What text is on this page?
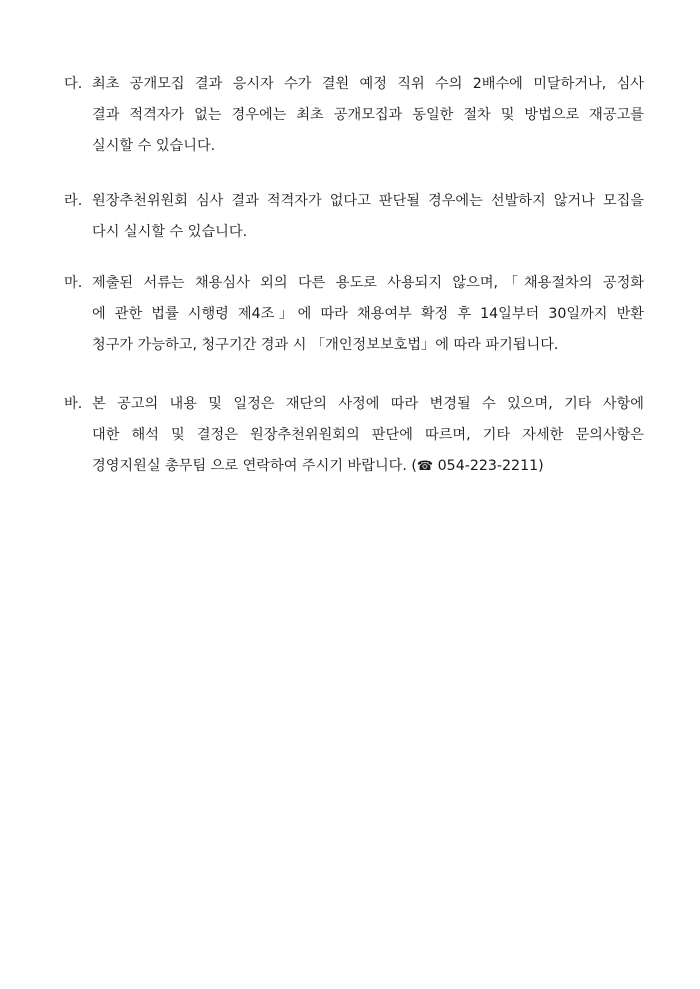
다. 최초 공개모집 결과 응시자 수가 결원 예정 직위 수의 2배수에 미달하거나, 심사
결과 적격자가 없는 경우에는 최초 공개모집과 동일한 절차 및 방법으로 재공고를
실시할 수 있습니다.
라. 원장추천위원회 심사 결과 적격자가 없다고 판단될 경우에는 선발하지 않거나 모집을
다시 실시할 수 있습니다.
마. 제출된 서류는 채용심사 외의 다른 용도로 사용되지 않으며,「채용절차의 공정화
에 관한 법률 시행령 제4조」에 따라 채용여부 확정 후 14일부터 30일까지 반환
청구가 가능하고, 청구기간 경과 시 「개인정보보호법」에 따라 파기됩니다.
바. 본 공고의 내용 및 일정은 재단의 사정에 따라 변경될 수 있으며, 기타 사항에
대한 해석 및 결정은 원장추천위원회의 판단에 따르며, 기타 자세한 문의사항은
경영지원실 총무팀 으로 연락하여 주시기 바랍니다. (☎ 054-223-2211)
